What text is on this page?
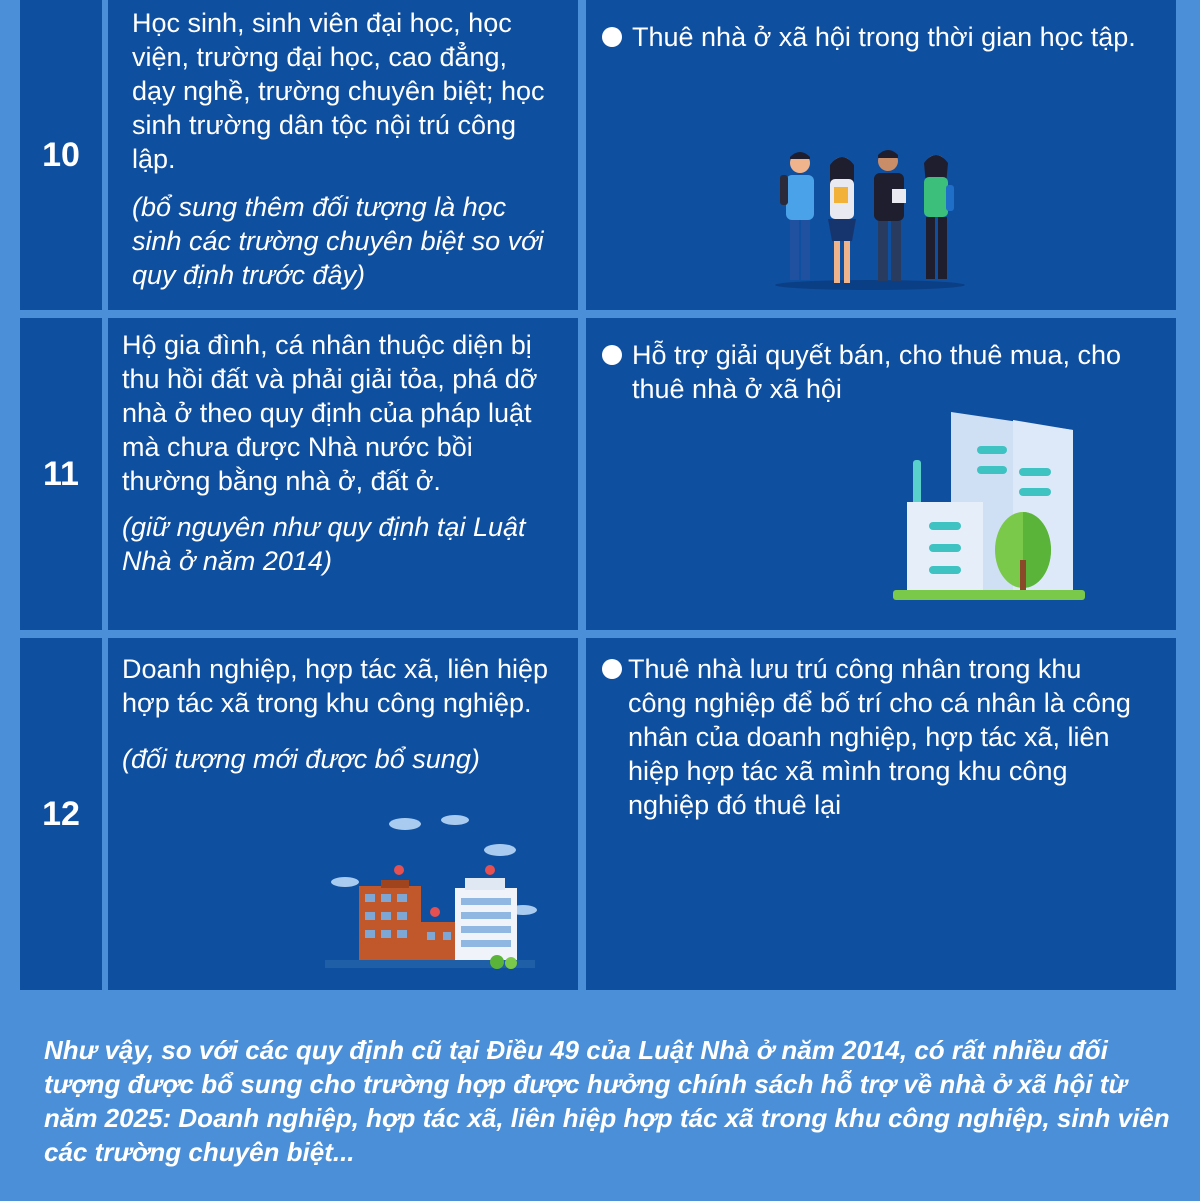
10
Học sinh, sinh viên đại học, học viện, trường đại học, cao đẳng, dạy nghề, trường chuyên biệt; học sinh trường dân tộc nội trú công lập.
(bổ sung thêm đối tượng là học sinh các trường chuyên biệt so với quy định trước đây)
Thuê nhà ở xã hội trong thời gian học tập.
11
Hộ gia đình, cá nhân thuộc diện bị thu hồi đất và phải giải tỏa, phá dỡ nhà ở theo quy định của pháp luật mà chưa được Nhà nước bồi thường bằng nhà ở, đất ở.
(giữ nguyên như quy định tại Luật Nhà ở năm 2014)
Hỗ trợ giải quyết bán, cho thuê mua, cho thuê nhà ở xã hội
12
Doanh nghiệp, hợp tác xã, liên hiệp hợp tác xã trong khu công nghiệp.
(đối tượng mới được bổ sung)
Thuê nhà lưu trú công nhân trong khu công nghiệp để bố trí cho cá nhân là công nhân của doanh nghiệp, hợp tác xã, liên hiệp hợp tác xã mình trong khu công nghiệp đó thuê lại
Như vậy, so với các quy định cũ tại Điều 49 của Luật Nhà ở năm 2014, có rất nhiều đối tượng được bổ sung cho trường hợp được hưởng chính sách hỗ trợ về nhà ở xã hội từ năm 2025: Doanh nghiệp, hợp tác xã, liên hiệp hợp tác xã trong khu công nghiệp, sinh viên các trường chuyên biệt...
